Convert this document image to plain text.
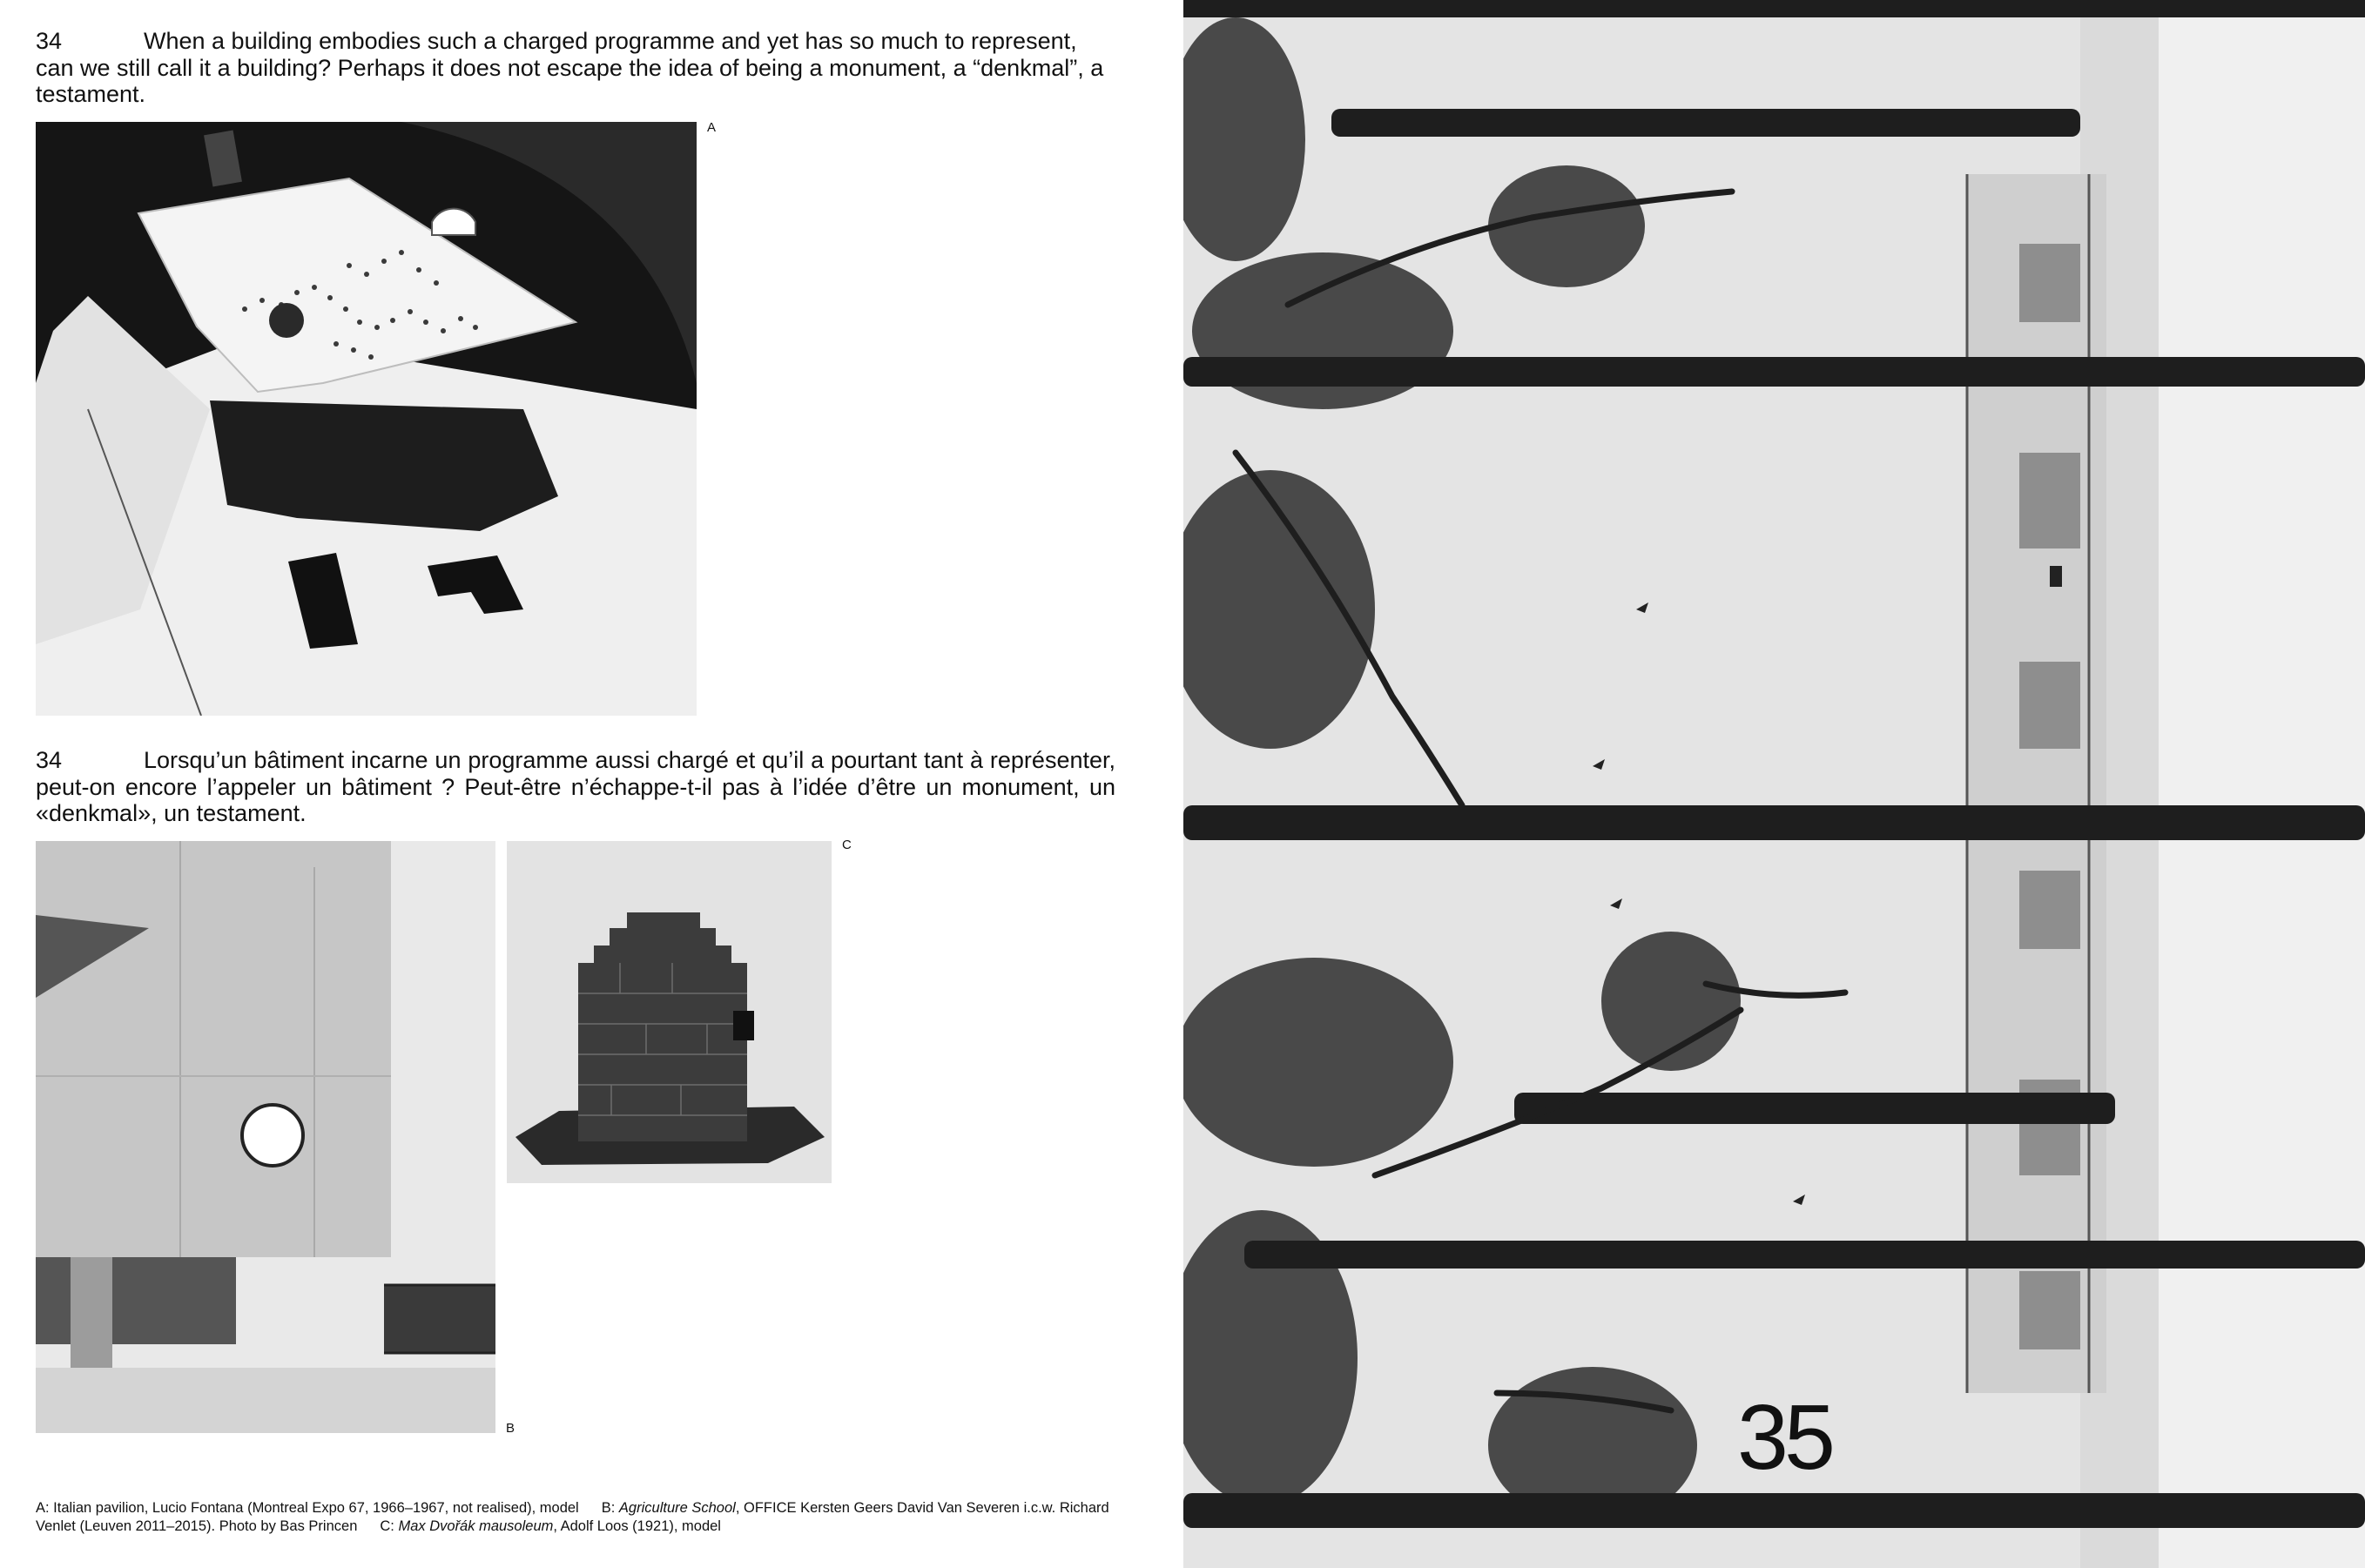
34	When a building embodies such a charged programme and yet has so much to represent, can we still call it a building? Perhaps it does not escape the idea of being a monument, a “denkmal”, a testament.

A

34	Lorsqu’un bâtiment incarne un programme aussi chargé et qu’il a pourtant tant à représenter, peut-on encore l’appeler un bâtiment ? Peut-être n’échappe-t-il pas à l’idée d’être un monument, un «denkmal», un testament.

B
C
A: Italian pavilion, Lucio Fontana (Montreal Expo 67, 1966–1967, not realised), model B: Agriculture School, OFFICE Kersten Geers David Van Severen i.c.w. Richard Venlet (Leuven 2011–2015). Photo by Bas Princen C: Max Dvořák mausoleum, Adolf Loos (1921), model
35
